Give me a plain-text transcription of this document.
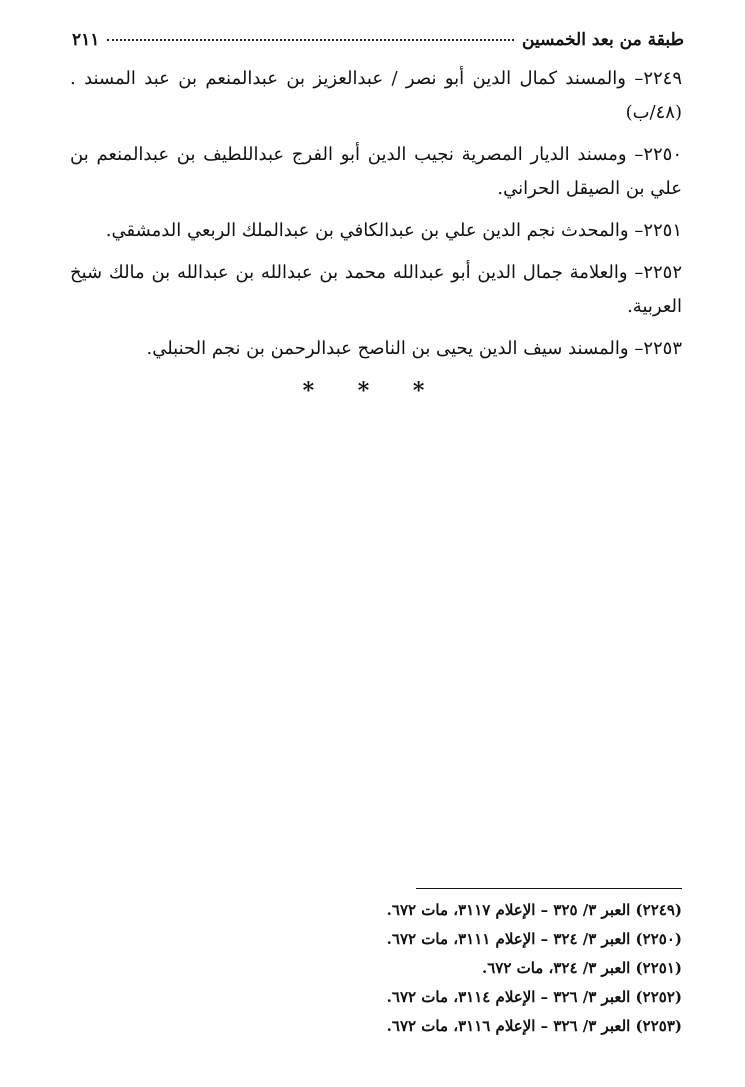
طبقة من بعد الخمسين
٢١١

٢٢٤٩– والمسند كمال الدين أبو نصر / عبدالعزيز بن عبدالمنعم بن عبد المسند . (٤٨/ب)

٢٢٥٠– ومسند الديار المصرية نجيب الدين أبو الفرج عبداللطيف بن عبدالمنعم بن علي بن الصيقل الحراني.

٢٢٥١– والمحدث نجم الدين علي بن عبدالكافي بن عبدالملك الربعي الدمشقي.

٢٢٥٢– والعلامة جمال الدين أبو عبدالله محمد بن عبدالله بن عبدالله بن مالك شيخ العربية.

٢٢٥٣– والمسند سيف الدين يحيى بن الناصح عبدالرحمن بن نجم الحنبلي.

* * *
(٢٢٤٩) العبر ٣/ ٣٢٥ – الإعلام ٣١١٧، مات ٦٧٢.
(٢٢٥٠) العبر ٣/ ٣٢٤ – الإعلام ٣١١١، مات ٦٧٢.
(٢٢٥١) العبر ٣/ ٣٢٤، مات ٦٧٢.
(٢٢٥٢) العبر ٣/ ٣٢٦ – الإعلام ٣١١٤، مات ٦٧٢.
(٢٢٥٣) العبر ٣/ ٣٢٦ – الإعلام ٣١١٦، مات ٦٧٢.
